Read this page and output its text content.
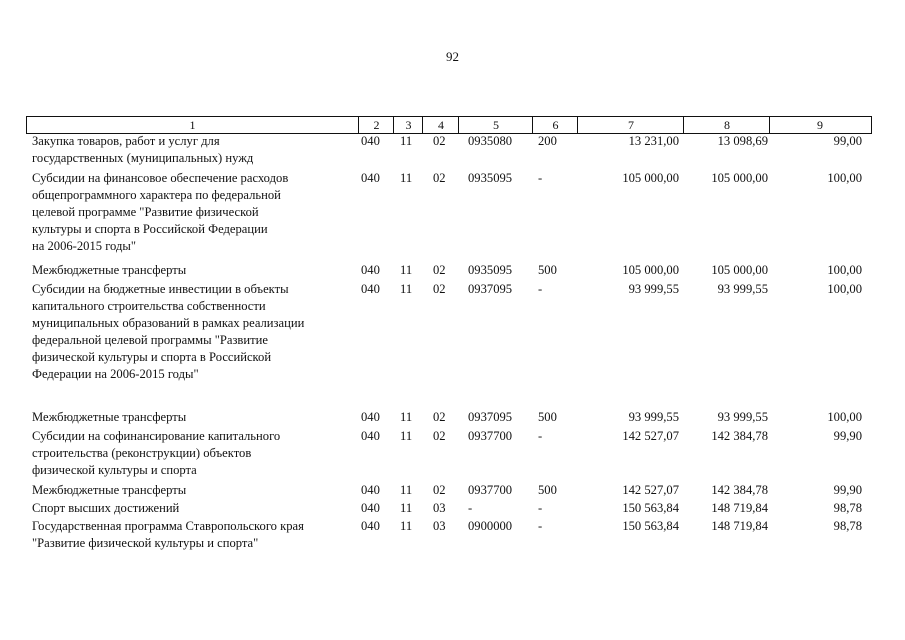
92
1	2	3	4	5	6	7	8	9
Закупка товаров, работ и услуг для
государственных (муниципальных) нужд
040 11 02 0935080 200	13 231,00	13 098,69	99,00
Субсидии на финансовое обеспечение расходов
общепрограммного характера по федеральной
целевой программе "Развитие физической
культуры и спорта в Российской Федерации
на 2006-2015 годы"
040 11 02 0935095 -	105 000,00	105 000,00	100,00
Межбюджетные трансферты	040 11 02 0935095 500	105 000,00	105 000,00	100,00
Субсидии на бюджетные инвестиции в объекты
капитального строительства собственности
муниципальных образований в рамках реализации
федеральной целевой программы "Развитие
физической культуры и спорта в Российской
Федерации на 2006-2015 годы"
040 11 02 0937095 -	93 999,55	93 999,55	100,00
Межбюджетные трансферты	040 11 02 0937095 500	93 999,55	93 999,55	100,00
Субсидии на софинансирование капитального
строительства (реконструкции) объектов
физической культуры и спорта
040 11 02 0937700 -	142 527,07	142 384,78	99,90
Межбюджетные трансферты	040 11 02 0937700 500	142 527,07	142 384,78	99,90
Спорт высших достижений	040 11 03 -	-	150 563,84	148 719,84	98,78
Государственная программа Ставропольского края
"Развитие физической культуры и спорта"
040 11 03 0900000 -	150 563,84	148 719,84	98,78
